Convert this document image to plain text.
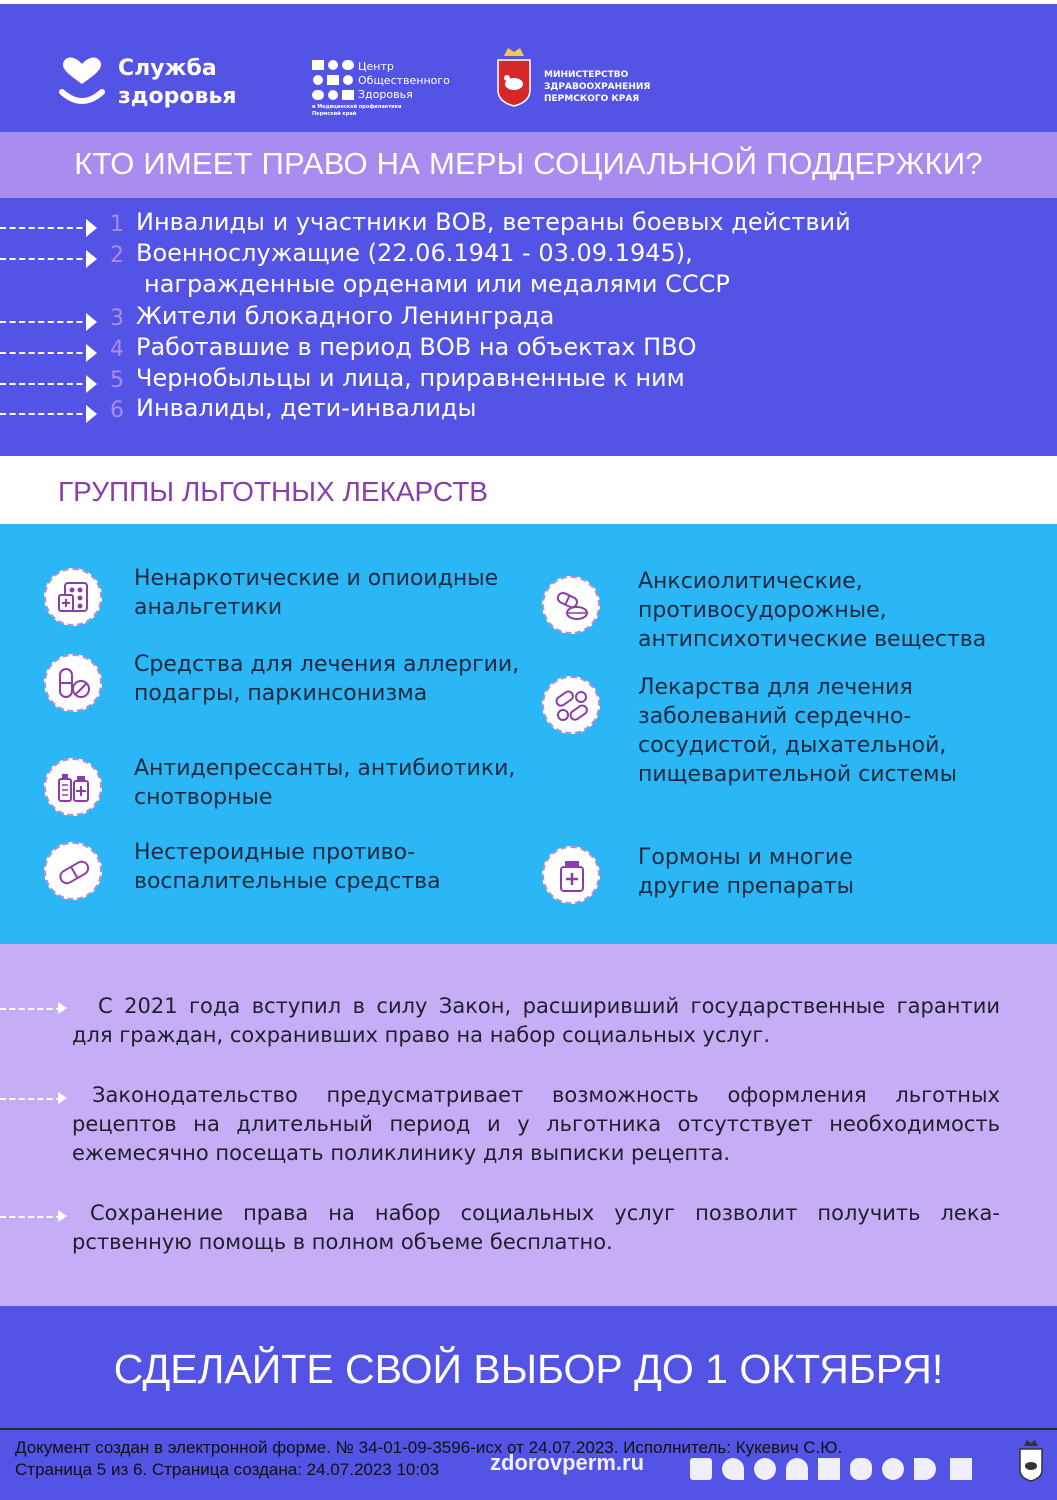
Служба
здоровья
Центр
Общественного
Здоровья
и Медицинской профилактики
Пермский край
МИНИСТЕРСТВО
ЗДРАВООХРАНЕНИЯ
ПЕРМСКОГО КРАЯ
КТО ИМЕЕТ ПРАВО НА МЕРЫ СОЦИАЛЬНОЙ ПОДДЕРЖКИ?
1 Инвалиды и участники ВОВ, ветераны боевых действий
2 Военнослужащие (22.06.1941 - 03.09.1945),
награжденные орденами или медалями СССР
3 Жители блокадного Ленинграда
4 Работавшие в период ВОВ на объектах ПВО
5 Чернобыльцы и лица, приравненные к ним
6 Инвалиды, дети-инвалиды
ГРУППЫ ЛЬГОТНЫХ ЛЕКАРСТВ
Ненаркотические и опиоидные анальгетики
Средства для лечения аллергии, подагры, паркинсонизма
Антидепрессанты, антибиотики, снотворные
Нестероидные противо-воспалительные средства
Анксиолитические, противосудорожные, антипсихотические вещества
Лекарства для лечения заболеваний сердечно-сосудистой, дыхательной, пищеварительной системы
Гормоны и многие другие препараты
С 2021 года вступил в силу Закон, расширивший государственные гарантии для граждан, сохранивших право на набор социальных услуг.
Законодательство предусматривает возможность оформления льготных рецептов на длительный период и у льготника отсутствует необходимость ежемесячно посещать поликлинику для выписки рецепта.
Сохранение права на набор социальных услуг позволит получить лека-рственную помощь в полном объеме бесплатно.
СДЕЛАЙТЕ СВОЙ ВЫБОР ДО 1 ОКТЯБРЯ!
zdorovperm.ru
Документ создан в электронной форме. № 34-01-09-3596-исх от 24.07.2023. Исполнитель: Кукевич С.Ю.
Страница 5 из 6. Страница создана: 24.07.2023 10:03
